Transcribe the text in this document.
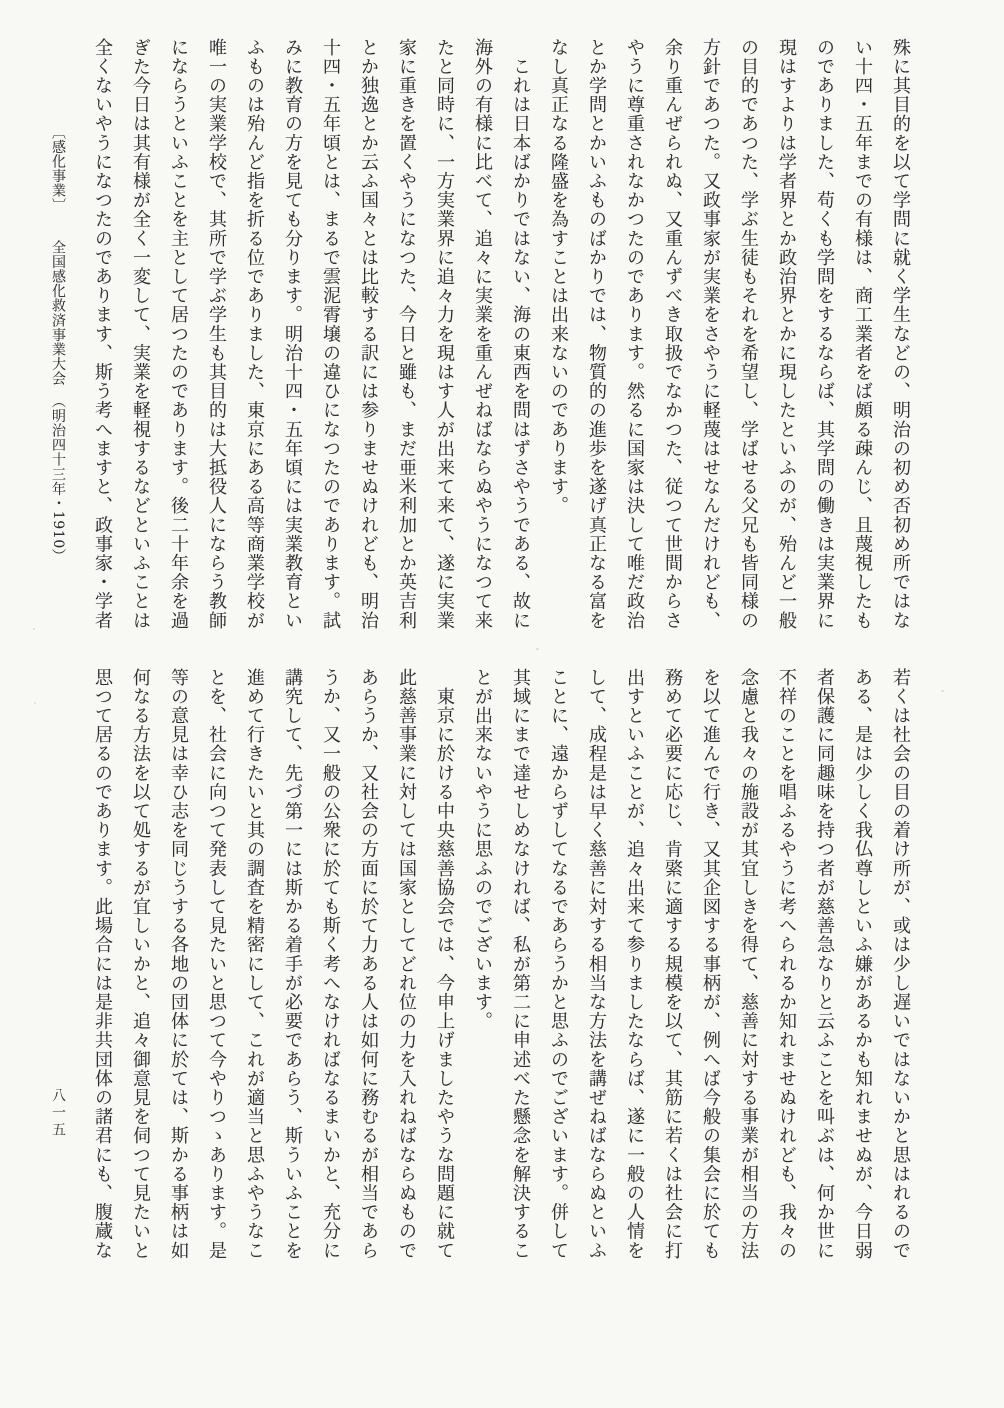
〔感化事業〕全国感化救済事業大会（明治四十三年・1910）	殊に其目的を以て学問に就く学生などの、明治の初め否初め所ではな
い十四・五年までの有様は、商工業者をば頗る疎んじ、且蔑視したも
のでありました、苟くも学問をするならば、其学問の働きは実業界に
現はすよりは学者界とか政治界とかに現したといふのが、殆んど一般
の目的であつた、学ぶ生徒もそれを希望し、学ばせる父兄も皆同様の
方針であつた。又政事家が実業をさやうに軽蔑はせなんだけれども、
余り重んぜられぬ、又重んずべき取扱でなかつた、従つて世間からさ
やうに尊重されなかつたのであります。然るに国家は決して唯だ政治
とか学問とかいふものばかりでは、物質的の進歩を遂げ真正なる富を
なし真正なる隆盛を為すことは出来ないのであります。
　これは日本ばかりではない、海の東西を問はずさやうである、故に
海外の有様に比べて、追々に実業を重んぜねばならぬやうになつて来
たと同時に、一方実業界に追々力を現はす人が出来て来て、遂に実業
家に重きを置くやうになつた、今日と雖も、まだ亜米利加とか英吉利
とか独逸とか云ふ国々とは比較する訳には参りませぬけれども、明治
十四・五年頃とは、まるで雲泥霄壌の違ひになつたのであります。試
みに教育の方を見ても分ります。明治十四・五年頃には実業教育とい
ふものは殆んど指を折る位でありました、東京にある高等商業学校が
唯一の実業学校で、其所で学ぶ学生も其目的は大抵役人にならう教師
にならうといふことを主として居つたのであります。後二十年余を過
ぎた今日は其有様が全く一変して、実業を軽視するなどといふことは
全くないやうになつたのであります、斯う考へますと、政事家・学者
若くは社会の目の着け所が、或は少し遅いではないかと思はれるので
ある、是は少しく我仏尊しといふ嫌があるかも知れませぬが、今日弱
者保護に同趣味を持つ者が慈善急なりと云ふことを叫ぶは、何か世に
不祥のことを唱ふるやうに考へられるか知れませぬけれども、我々の
念慮と我々の施設が其宜しきを得て、慈善に対する事業が相当の方法
を以て進んで行き、又其企図する事柄が、例へば今般の集会に於ても
務めて必要に応じ、肯綮に適する規模を以て、其筋に若くは社会に打
出すといふことが、追々出来て参りましたならば、遂に一般の人情を
して、成程是は早く慈善に対する相当な方法を講ぜねばならぬといふ
ことに、遠からずしてなるであらうかと思ふのでございます。併して
其域にまで達せしめなければ、私が第二に申述べた懸念を解決するこ
とが出来ないやうに思ふのでございます。
　東京に於ける中央慈善協会では、今申上げましたやうな問題に就て
此慈善事業に対しては国家としてどれ位の力を入れねばならぬもので
あらうか、又社会の方面に於て力ある人は如何に務むるが相当であら
うか、又一般の公衆に於ても斯く考へなければなるまいかと、充分に
講究して、先づ第一には斯かる着手が必要であらう、斯ういふことを
進めて行きたいと其の調査を精密にして、これが適当と思ふやうなこ
とを、社会に向つて発表して見たいと思つて今やりつゝあります。是
等の意見は幸ひ志を同じうする各地の団体に於ては、斯かる事柄は如
何なる方法を以て処するが宜しいかと、追々御意見を伺つて見たいと
思つて居るのであります。此場合には是非共団体の諸君にも、腹蔵な
八一五
